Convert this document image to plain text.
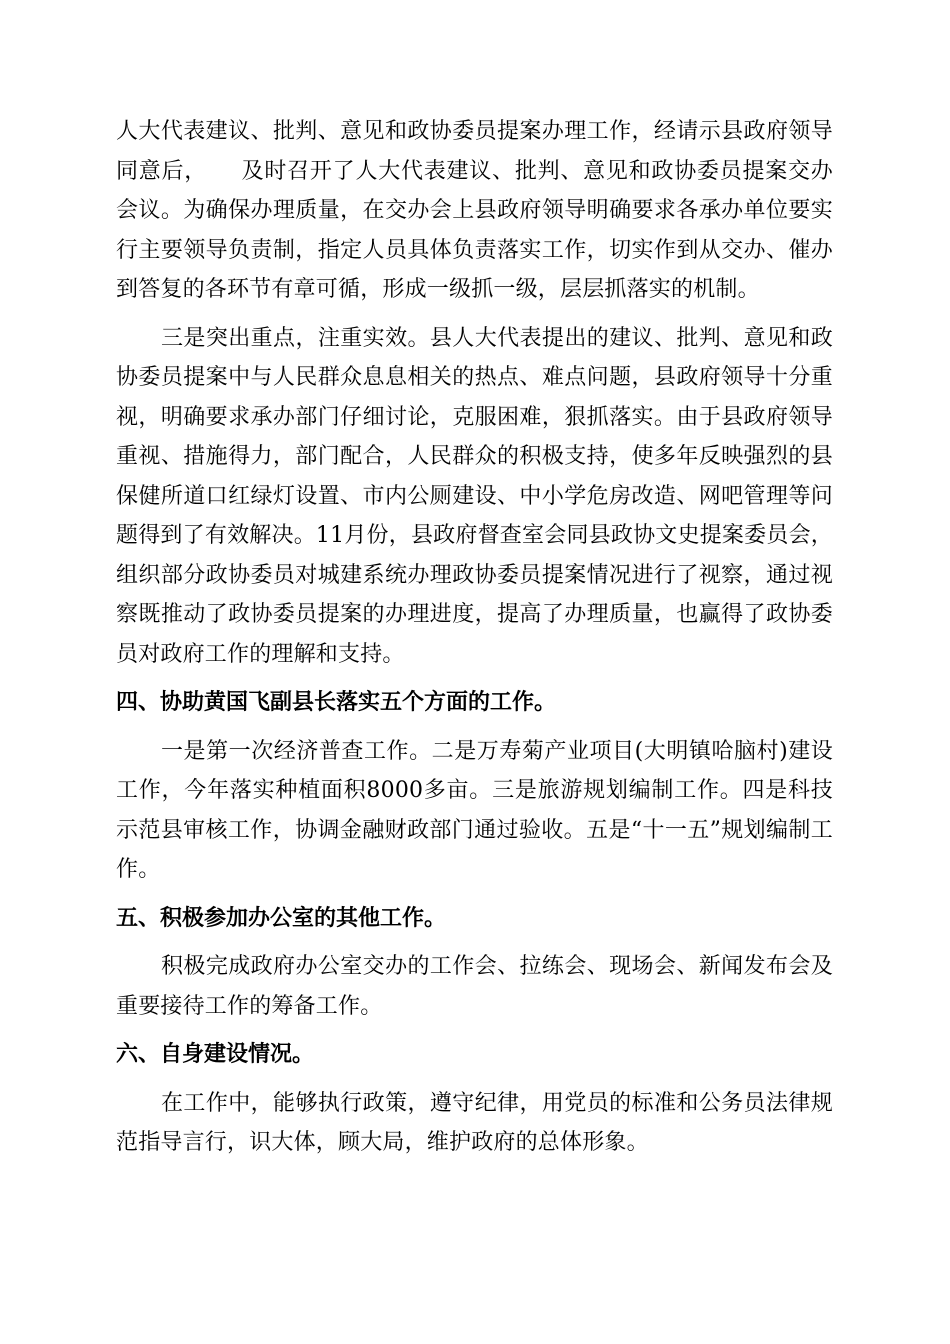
人大代表建议、批判、意见和政协委员提案办理工作，经请示县政府领导同意后，　　及时召开了人大代表建议、批判、意见和政协委员提案交办会议。为确保办理质量，在交办会上县政府领导明确要求各承办单位要实行主要领导负责制，指定人员具体负责落实工作，切实作到从交办、催办到答复的各环节有章可循，形成一级抓一级，层层抓落实的机制。

三是突出重点，注重实效。县人大代表提出的建议、批判、意见和政协委员提案中与人民群众息息相关的热点、难点问题，县政府领导十分重视，明确要求承办部门仔细讨论，克服困难，狠抓落实。由于县政府领导重视、措施得力，部门配合，人民群众的积极支持，使多年反映强烈的县保健所道口红绿灯设置、市内公厕建设、中小学危房改造、网吧管理等问题得到了有效解决。11月份，县政府督查室会同县政协文史提案委员会，组织部分政协委员对城建系统办理政协委员提案情况进行了视察，通过视察既推动了政协委员提案的办理进度，提高了办理质量，也赢得了政协委员对政府工作的理解和支持。

四、协助黄国飞副县长落实五个方面的工作。

一是第一次经济普查工作。二是万寿菊产业项目(大明镇哈脑村)建设工作，今年落实种植面积8000多亩。三是旅游规划编制工作。四是科技示范县审核工作，协调金融财政部门通过验收。五是“十一五”规划编制工作。

五、积极参加办公室的其他工作。

积极完成政府办公室交办的工作会、拉练会、现场会、新闻发布会及重要接待工作的筹备工作。

六、自身建设情况。

在工作中，能够执行政策，遵守纪律，用党员的标准和公务员法律规范指导言行，识大体，顾大局，维护政府的总体形象。
